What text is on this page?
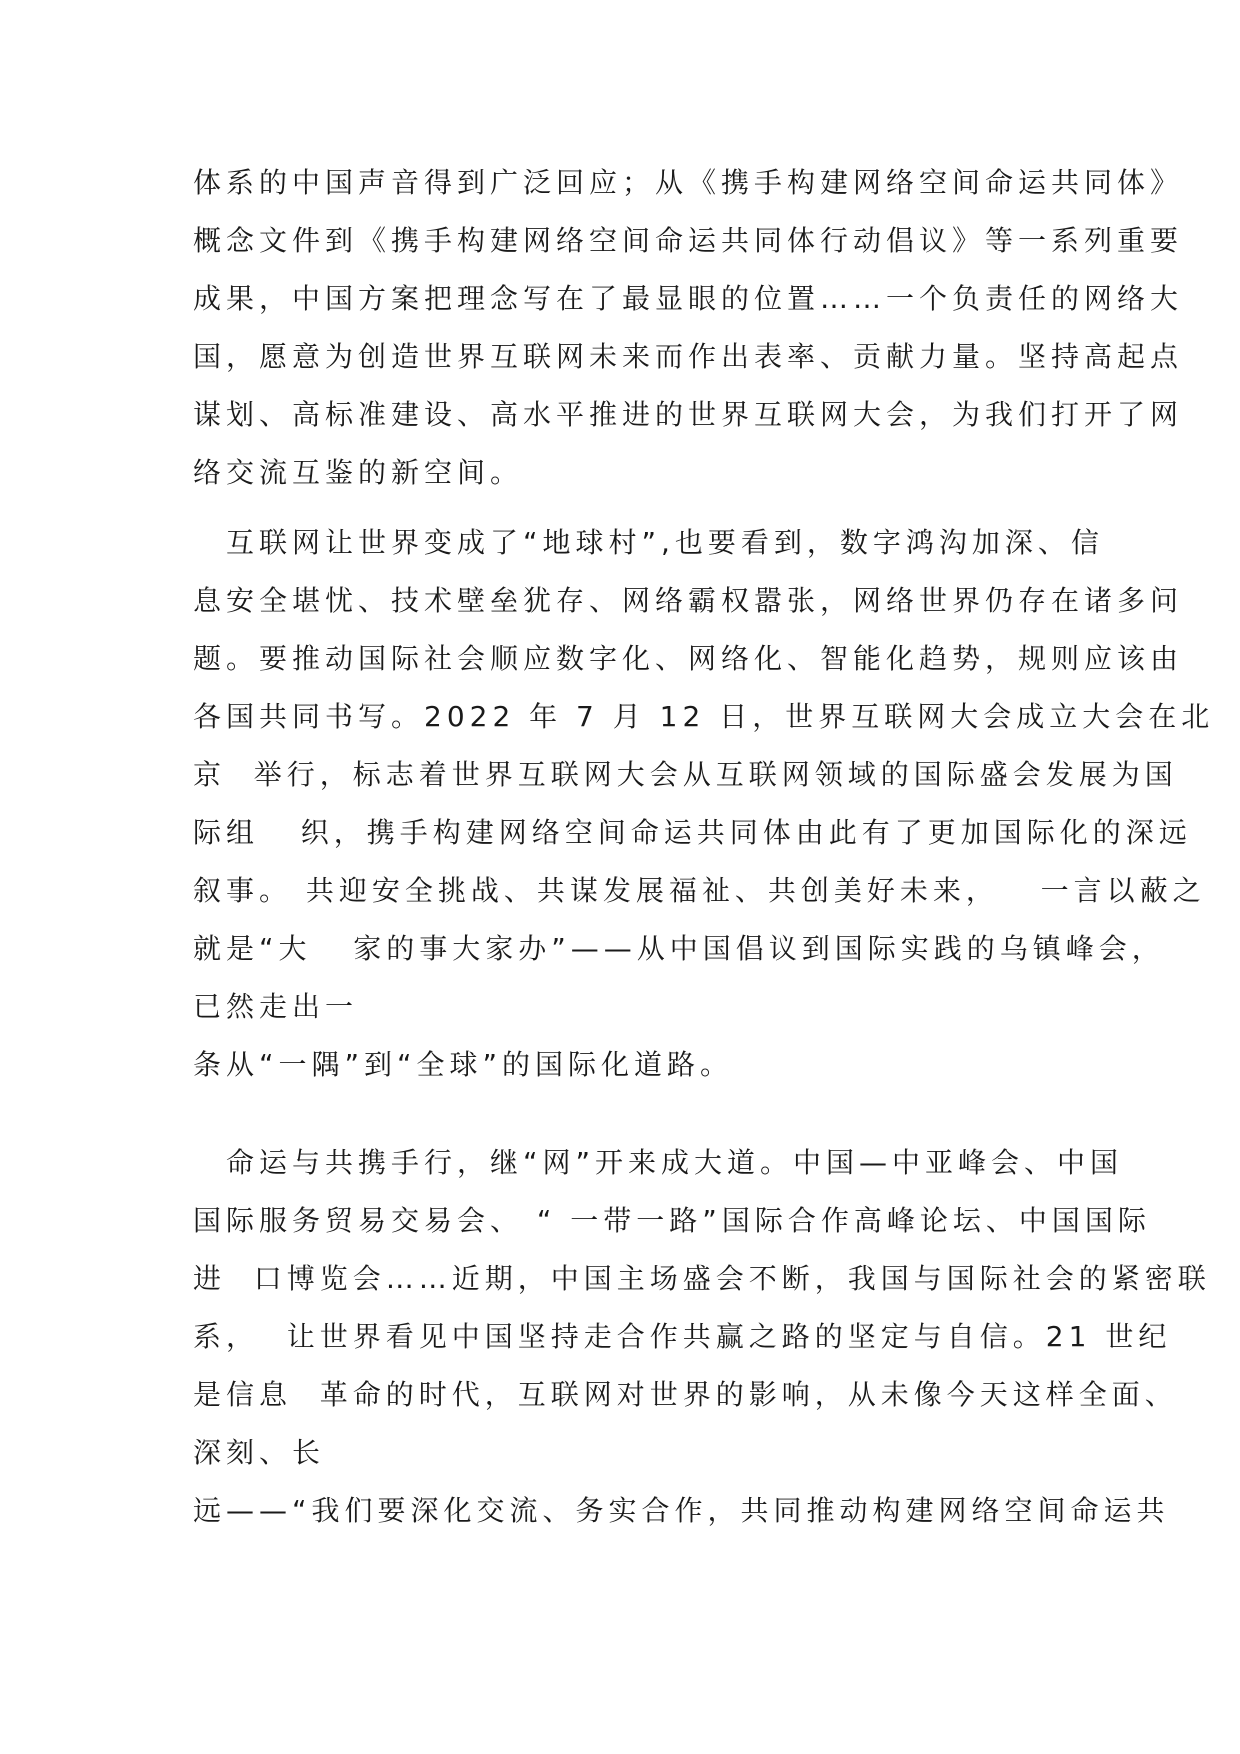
体系的中国声音得到广泛回应；从《携手构建网络空间命运共同体》
概念文件到《携手构建网络空间命运共同体行动倡议》等一系列重要
成果，中国方案把理念写在了最显眼的位置……一个负责任的网络大
国，愿意为创造世界互联网未来而作出表率、贡献力量。坚持高起点
谋划、高标准建设、高水平推进的世界互联网大会，为我们打开了网
络交流互鉴的新空间。
　互联网让世界变成了“地球村”,也要看到，数字鸿沟加深、信
息安全堪忧、技术壁垒犹存、网络霸权嚣张，网络世界仍存在诸多问
题。要推动国际社会顺应数字化、网络化、智能化趋势，规则应该由
各国共同书写。2022 年 7 月 12 日，世界互联网大会成立大会在北
京  举行，标志着世界互联网大会从互联网领域的国际盛会发展为国
际组   织，携手构建网络空间命运共同体由此有了更加国际化的深远
叙事。 共迎安全挑战、共谋发展福祉、共创美好未来，   一言以蔽之
就是“大   家的事大家办”——从中国倡议到国际实践的乌镇峰会，
已然走出一
条从“一隅”到“全球”的国际化道路。
　命运与共携手行，继“网”开来成大道。中国—中亚峰会、中国
国际服务贸易交易会、 “ 一带一路”国际合作高峰论坛、中国国际
进  口博览会……近期，中国主场盛会不断，我国与国际社会的紧密联
系，  让世界看见中国坚持走合作共赢之路的坚定与自信。21 世纪
是信息  革命的时代，互联网对世界的影响，从未像今天这样全面、
深刻、长
远——“我们要深化交流、务实合作，共同推动构建网络空间命运共
